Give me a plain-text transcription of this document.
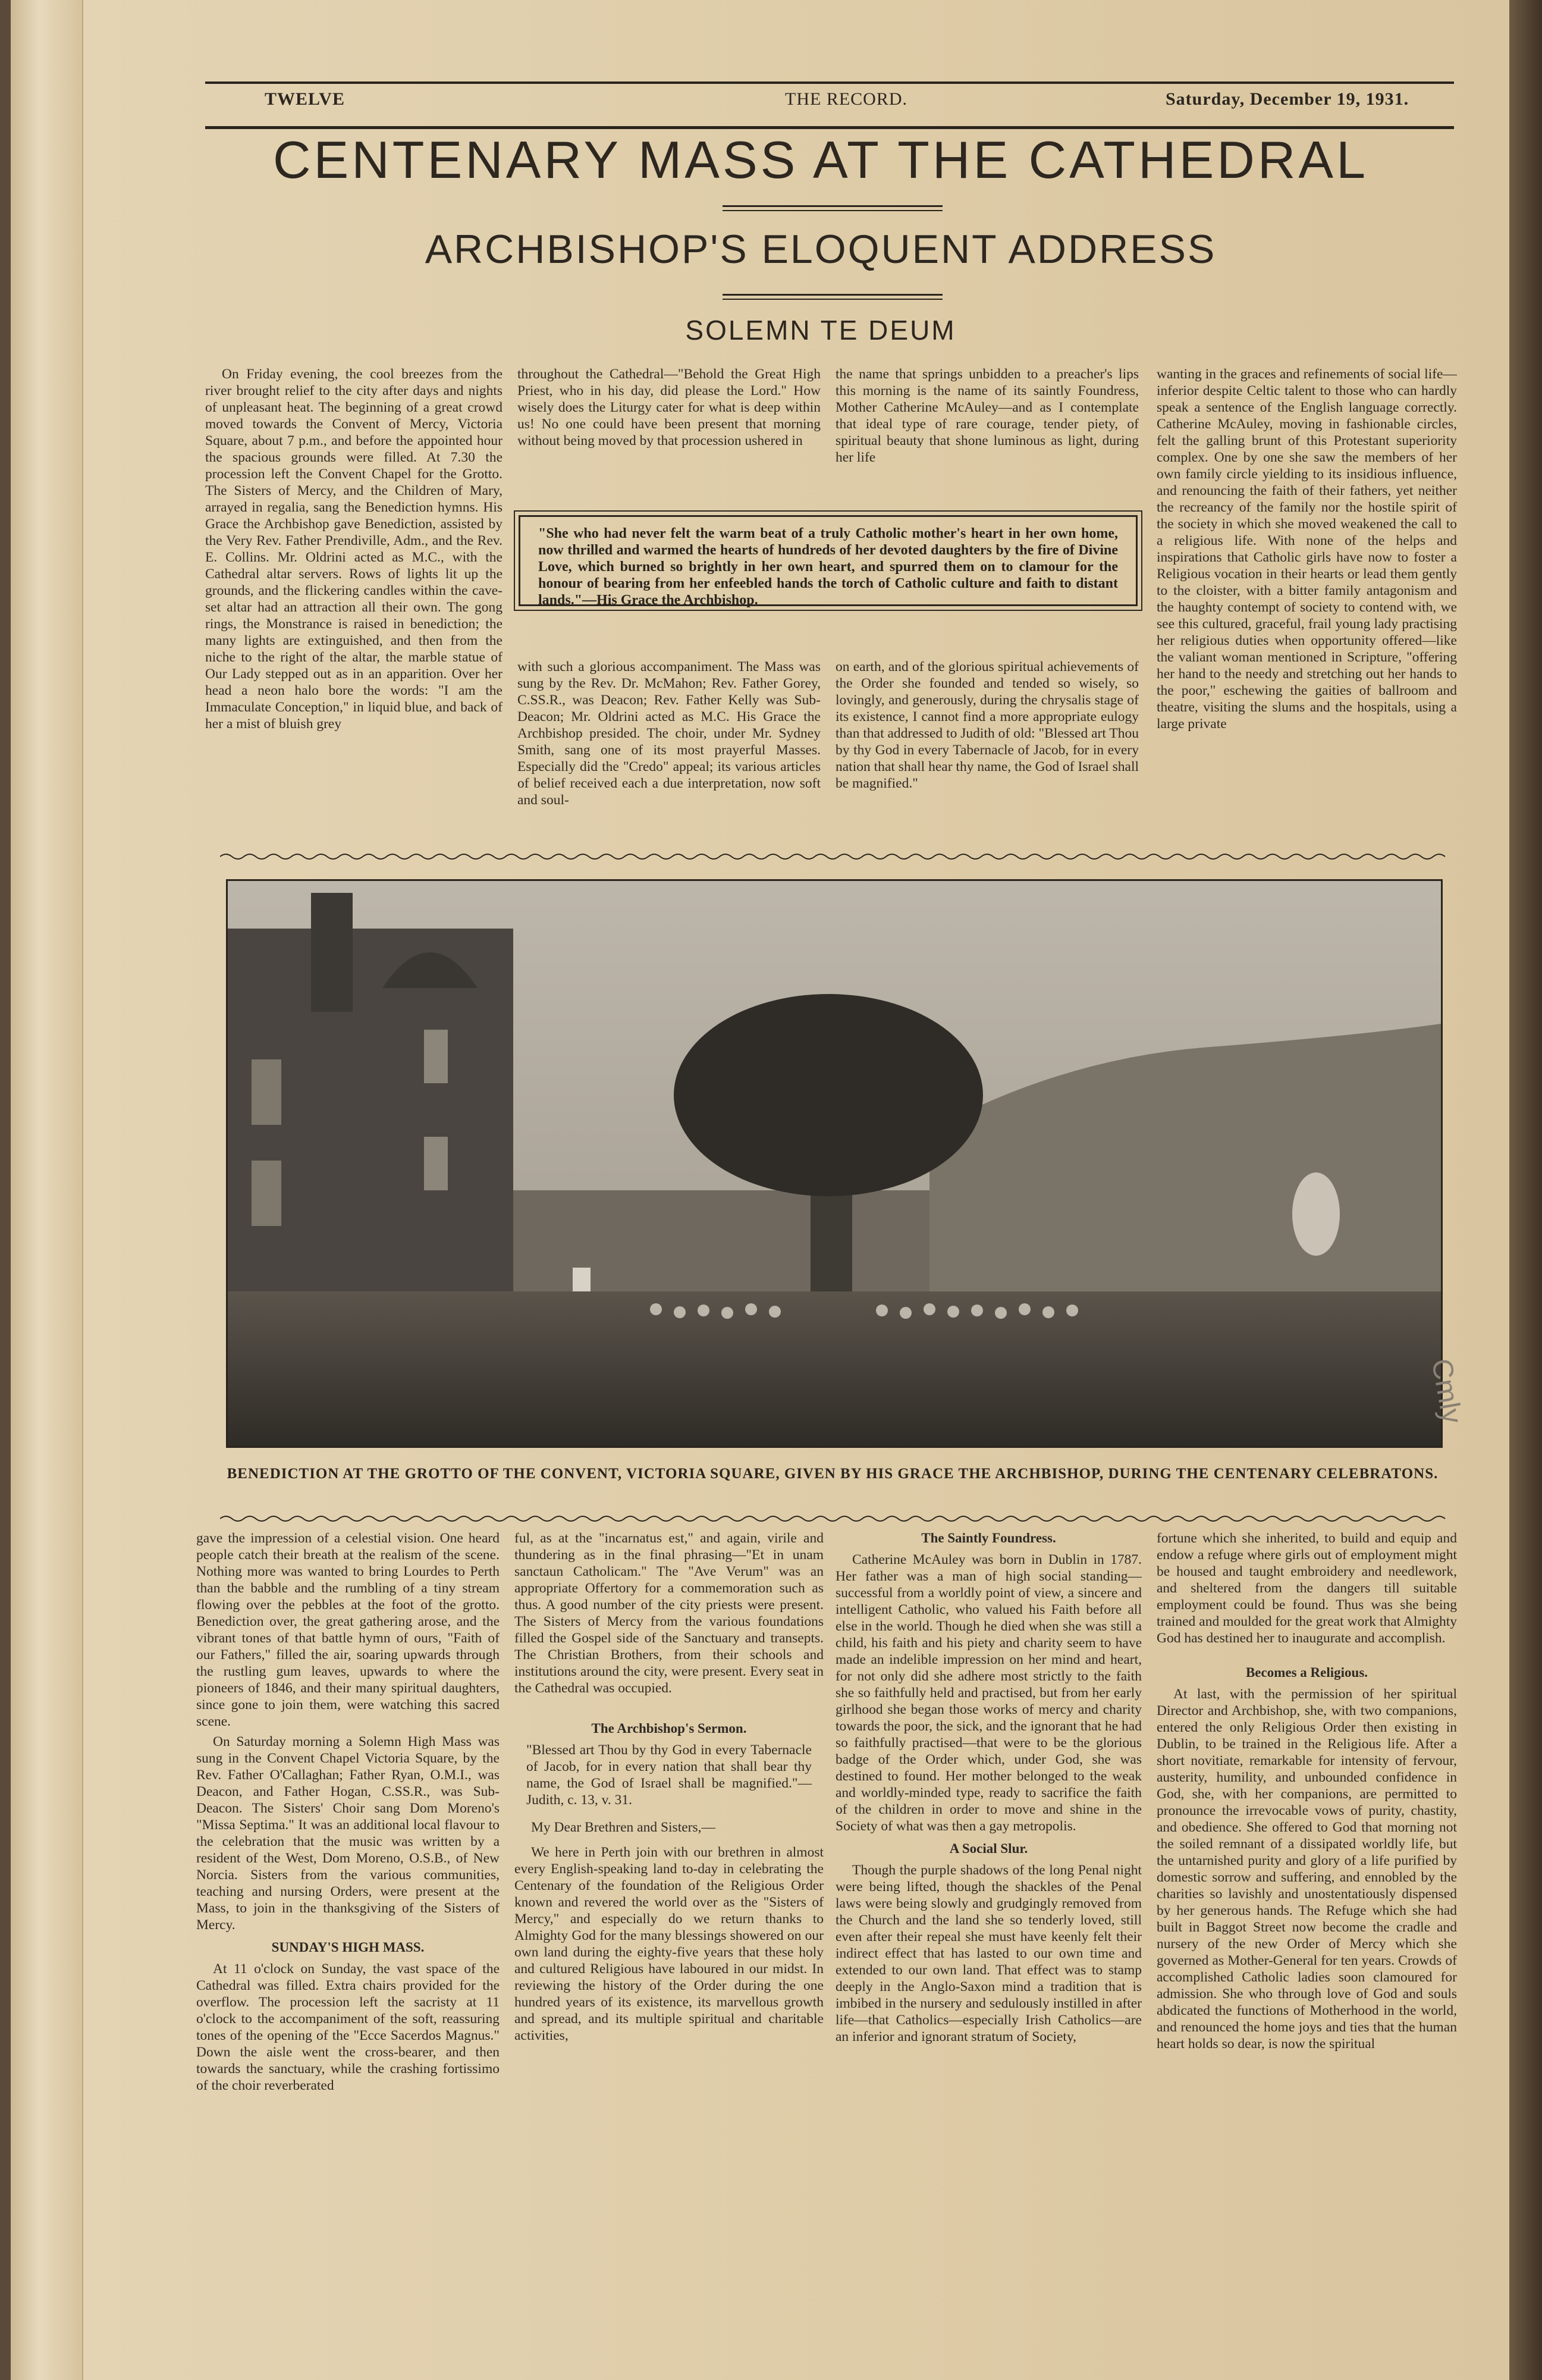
TWELVE	THE RECORD.	Saturday, December 19, 1931.
CENTENARY MASS AT THE CATHEDRAL
ARCHBISHOP'S ELOQUENT ADDRESS
SOLEMN TE DEUM

On Friday evening, the cool breezes from the river brought relief to the city after days and nights of unpleasant heat. The beginning of a great crowd moved towards the Convent of Mercy, Victoria Square, about 7 p.m., and before the appointed hour the spacious grounds were filled. At 7.30 the procession left the Convent Chapel for the Grotto. The Sisters of Mercy, and the Children of Mary, arrayed in regalia, sang the Benediction hymns. His Grace the Archbishop gave Benediction, assisted by the Very Rev. Father Prendiville, Adm., and the Rev. E. Collins. Mr. Oldrini acted as M.C., with the Cathedral altar servers. Rows of lights lit up the grounds, and the flickering candles within the cave-set altar had an attraction all their own. The gong rings, the Monstrance is raised in benediction; the many lights are extinguished, and then from the niche to the right of the altar, the marble statue of Our Lady stepped out as in an apparition. Over her head a neon halo bore the words: "I am the Immaculate Conception," in liquid blue, and back of her a mist of bluish grey

throughout the Cathedral—"Behold the Great High Priest, who in his day, did please the Lord." How wisely does the Liturgy cater for what is deep within us! No one could have been present that morning without being moved by that procession ushered in

the name that springs unbidden to a preacher's lips this morning is the name of its saintly Foundress, Mother Catherine McAuley—and as I contemplate that ideal type of rare courage, tender piety, of spiritual beauty that shone luminous as light, during her life

"She who had never felt the warm beat of a truly Catholic mother's heart in her own home, now thrilled and warmed the hearts of hundreds of her devoted daughters by the fire of Divine Love, which burned so brightly in her own heart, and spurred them on to clamour for the honour of bearing from her enfeebled hands the torch of Catholic culture and faith to distant lands."—His Grace the Archbishop.

with such a glorious accompaniment. The Mass was sung by the Rev. Dr. McMahon; Rev. Father Gorey, C.SS.R., was Deacon; Rev. Father Kelly was Sub-Deacon; Mr. Oldrini acted as M.C. His Grace the Archbishop presided. The choir, under Mr. Sydney Smith, sang one of its most prayerful Masses. Especially did the "Credo" appeal; its various articles of belief received each a due interpretation, now soft and soul-

on earth, and of the glorious spiritual achievements of the Order she founded and tended so wisely, so lovingly, and generously, during the chrysalis stage of its existence, I cannot find a more appropriate eulogy than that addressed to Judith of old: "Blessed art Thou by thy God in every Tabernacle of Jacob, for in every nation that shall hear thy name, the God of Israel shall be magnified."

wanting in the graces and refinements of social life—inferior despite Celtic talent to those who can hardly speak a sentence of the English language correctly. Catherine McAuley, moving in fashionable circles, felt the galling brunt of this Protestant superiority complex. One by one she saw the members of her own family circle yielding to its insidious influence, and renouncing the faith of their fathers, yet neither the recreancy of the family nor the hostile spirit of the society in which she moved weakened the call to a religious life. With none of the helps and inspirations that Catholic girls have now to foster a Religious vocation in their hearts or lead them gently to the cloister, with a bitter family antagonism and the haughty contempt of society to contend with, we see this cultured, graceful, frail young lady practising her religious duties when opportunity offered—like the valiant woman mentioned in Scripture, "offering her hand to the needy and stretching out her hands to the poor," eschewing the gaities of ballroom and theatre, visiting the slums and the hospitals, using a large private

BENEDICTION AT THE GROTTO OF THE CONVENT, VICTORIA SQUARE, GIVEN BY HIS GRACE THE ARCHBISHOP, DURING THE CENTENARY CELEBRATONS.

gave the impression of a celestial vision. One heard people catch their breath at the realism of the scene. Nothing more was wanted to bring Lourdes to Perth than the babble and the rumbling of a tiny stream flowing over the pebbles at the foot of the grotto. Benediction over, the great gathering arose, and the vibrant tones of that battle hymn of ours, "Faith of our Fathers," filled the air, soaring upwards through the rustling gum leaves, upwards to where the pioneers of 1846, and their many spiritual daughters, since gone to join them, were watching this sacred scene.

On Saturday morning a Solemn High Mass was sung in the Convent Chapel Victoria Square, by the Rev. Father O'Callaghan; Father Ryan, O.M.I., was Deacon, and Father Hogan, C.SS.R., was Sub-Deacon. The Sisters' Choir sang Dom Moreno's "Missa Septima." It was an additional local flavour to the celebration that the music was written by a resident of the West, Dom Moreno, O.S.B., of New Norcia. Sisters from the various communities, teaching and nursing Orders, were present at the Mass, to join in the thanksgiving of the Sisters of Mercy.

SUNDAY'S HIGH MASS.

At 11 o'clock on Sunday, the vast space of the Cathedral was filled. Extra chairs provided for the overflow. The procession left the sacristy at 11 o'clock to the accompaniment of the soft, reassuring tones of the opening of the "Ecce Sacerdos Magnus." Down the aisle went the cross-bearer, and then towards the sanctuary, while the crashing fortissimo of the choir reverberated

ful, as at the "incarnatus est," and again, virile and thundering as in the final phrasing—"Et in unam sanctaun Catholicam." The "Ave Verum" was an appropriate Offertory for a commemoration such as thus. A good number of the city priests were present. The Sisters of Mercy from the various foundations filled the Gospel side of the Sanctuary and transepts. The Christian Brothers, from their schools and institutions around the city, were present. Every seat in the Cathedral was occupied.

The Archbishop's Sermon.

"Blessed art Thou by thy God in every Tabernacle of Jacob, for in every nation that shall bear thy name, the God of Israel shall be magnified."—Judith, c. 13, v. 31.

My Dear Brethren and Sisters,—

We here in Perth join with our brethren in almost every English-speaking land to-day in celebrating the Centenary of the foundation of the Religious Order known and revered the world over as the "Sisters of Mercy," and especially do we return thanks to Almighty God for the many blessings showered on our own land during the eighty-five years that these holy and cultured Religious have laboured in our midst. In reviewing the history of the Order during the one hundred years of its existence, its marvellous growth and spread, and its multiple spiritual and charitable activities,

The Saintly Foundress.

Catherine McAuley was born in Dublin in 1787. Her father was a man of high social standing—successful from a worldly point of view, a sincere and intelligent Catholic, who valued his Faith before all else in the world. Though he died when she was still a child, his faith and his piety and charity seem to have made an indelible impression on her mind and heart, for not only did she adhere most strictly to the faith she so faithfully held and practised, but from her early girlhood she began those works of mercy and charity towards the poor, the sick, and the ignorant that he had so faithfully practised—that were to be the glorious badge of the Order which, under God, she was destined to found. Her mother belonged to the weak and worldly-minded type, ready to sacrifice the faith of the children in order to move and shine in the Society of what was then a gay metropolis.

A Social Slur.

Though the purple shadows of the long Penal night were being lifted, though the shackles of the Penal laws were being slowly and grudgingly removed from the Church and the land she so tenderly loved, still even after their repeal she must have keenly felt their indirect effect that has lasted to our own time and extended to our own land. That effect was to stamp deeply in the Anglo-Saxon mind a tradition that is imbibed in the nursery and sedulously instilled in after life—that Catholics—especially Irish Catholics—are an inferior and ignorant stratum of Society,

fortune which she inherited, to build and equip and endow a refuge where girls out of employment might be housed and taught embroidery and needlework, and sheltered from the dangers till suitable employment could be found. Thus was she being trained and moulded for the great work that Almighty God has destined her to inaugurate and accomplish.

Becomes a Religious.

At last, with the permission of her spiritual Director and Archbishop, she, with two companions, entered the only Religious Order then existing in Dublin, to be trained in the Religious life. After a short novitiate, remarkable for intensity of fervour, austerity, humility, and unbounded confidence in God, she, with her companions, are permitted to pronounce the irrevocable vows of purity, chastity, and obedience. She offered to God that morning not the soiled remnant of a dissipated worldly life, but the untarnished purity and glory of a life purified by domestic sorrow and suffering, and ennobled by the charities so lavishly and unostentatiously dispensed by her generous hands. The Refuge which she had built in Baggot Street now become the cradle and nursery of the new Order of Mercy which she governed as Mother-General for ten years. Crowds of accomplished Catholic ladies soon clamoured for admission. She who through love of God and souls abdicated the functions of Motherhood in the world, and renounced the home joys and ties that the human heart holds so dear, is now the spiritual

Cmly
